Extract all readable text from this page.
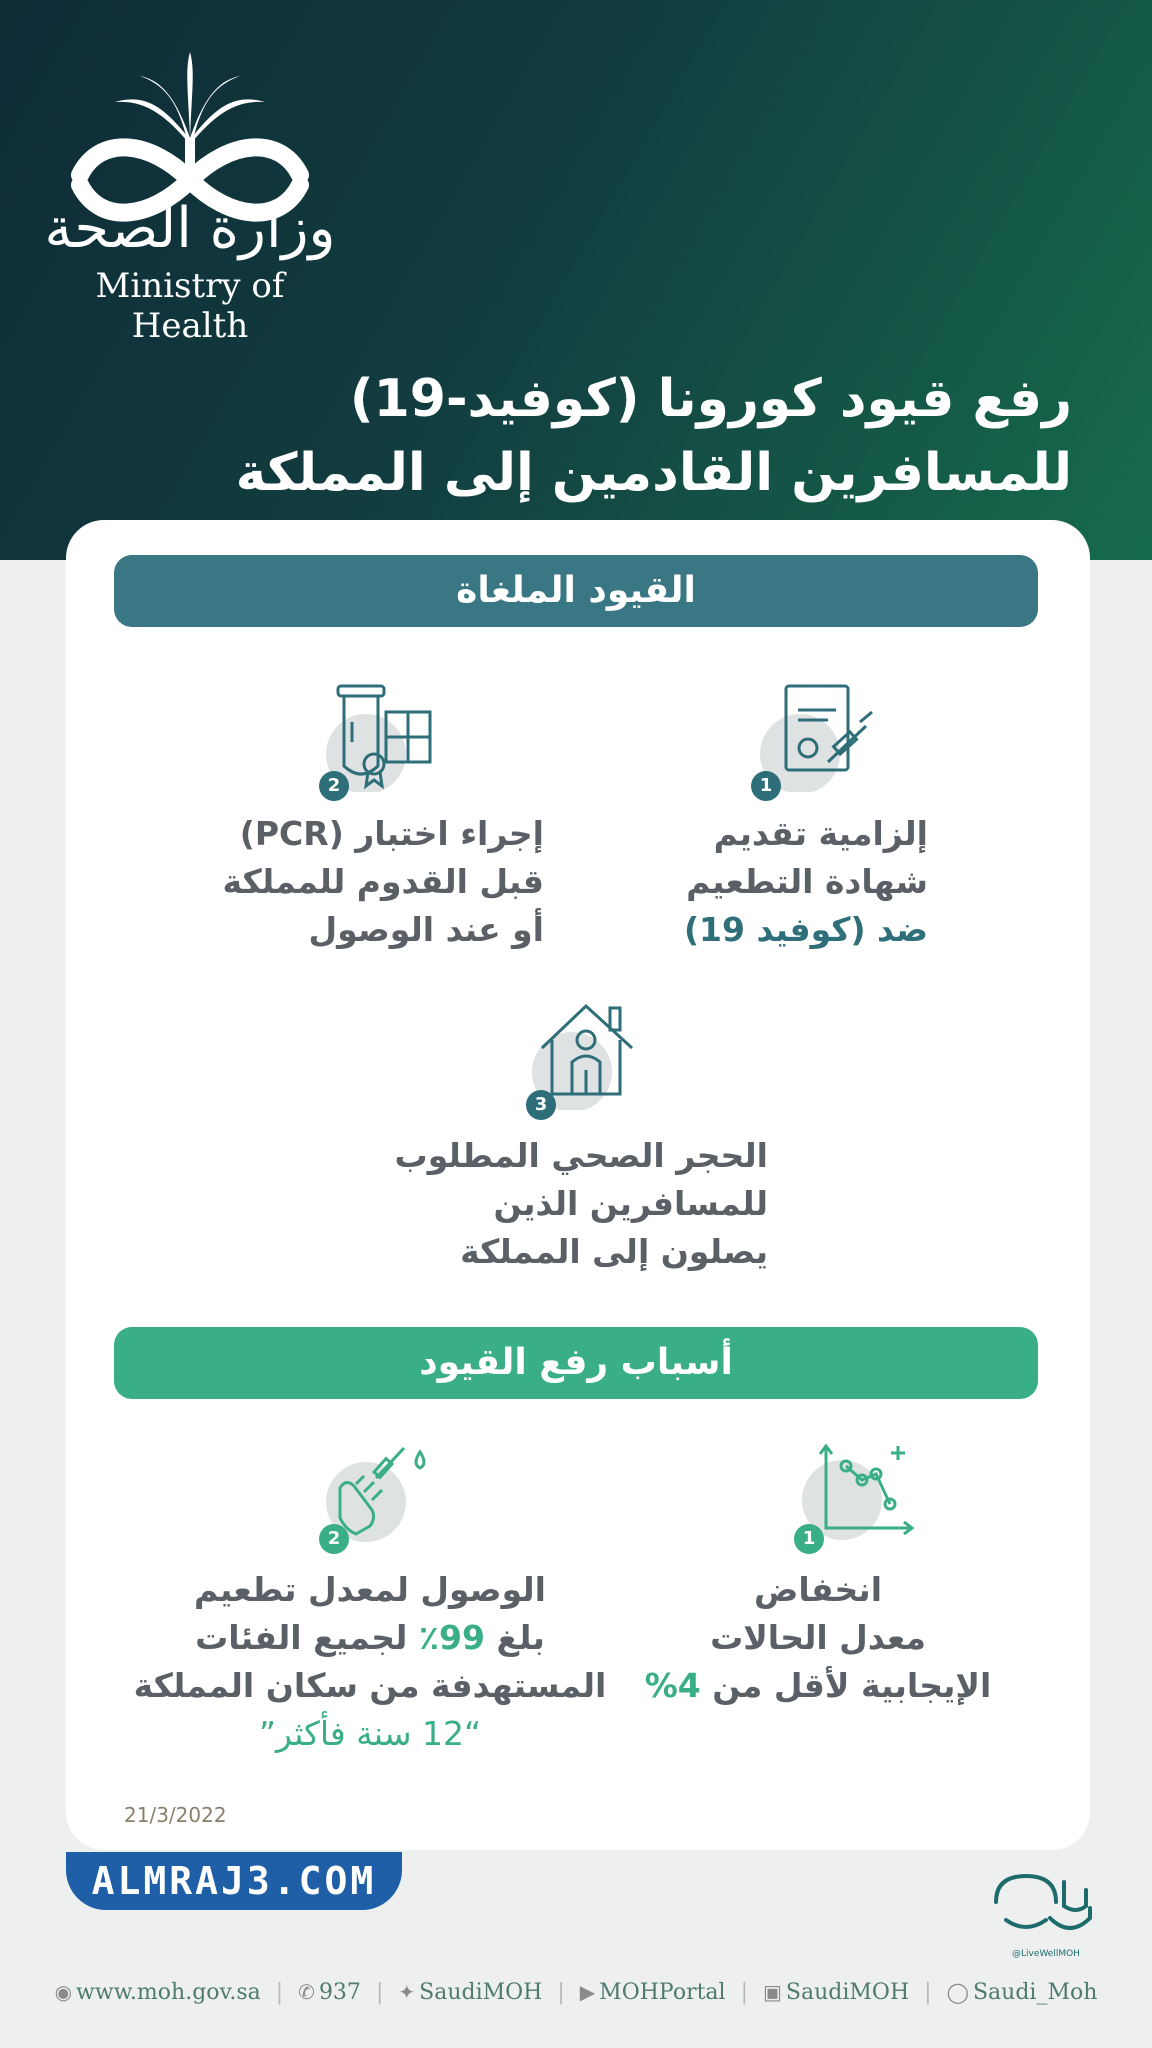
وزارة الصحة
Ministry of Health
رفع قيود كورونا (كوفيد-19)
للمسافرين القادمين إلى المملكة
القيود الملغاة
1

إلزامية تقديم

شهادة التطعيم

ضد (كوفيد 19)

2

إجراء اختبار (PCR)

قبل القدوم للمملكة

أو عند الوصول

3

الحجر الصحي المطلوب

للمسافرين الذين

يصلون إلى المملكة

أسباب رفع القيود
1

انخفاض

معدل الحالات

الإيجابية لأقل من 4%

2

الوصول لمعدل تطعيم

بلغ 99٪ لجميع الفئات

المستهدفة من سكان المملكة

“12 سنة فأكثر”

21/3/2022
ALMRAJ3.COM
@LiveWellMOH
◉ www.moh.gov.sa | ✆ 937 | ✦ SaudiMOH | ▶ MOHPortal | ▣ SaudiMOH | ◯ Saudi_Moh
